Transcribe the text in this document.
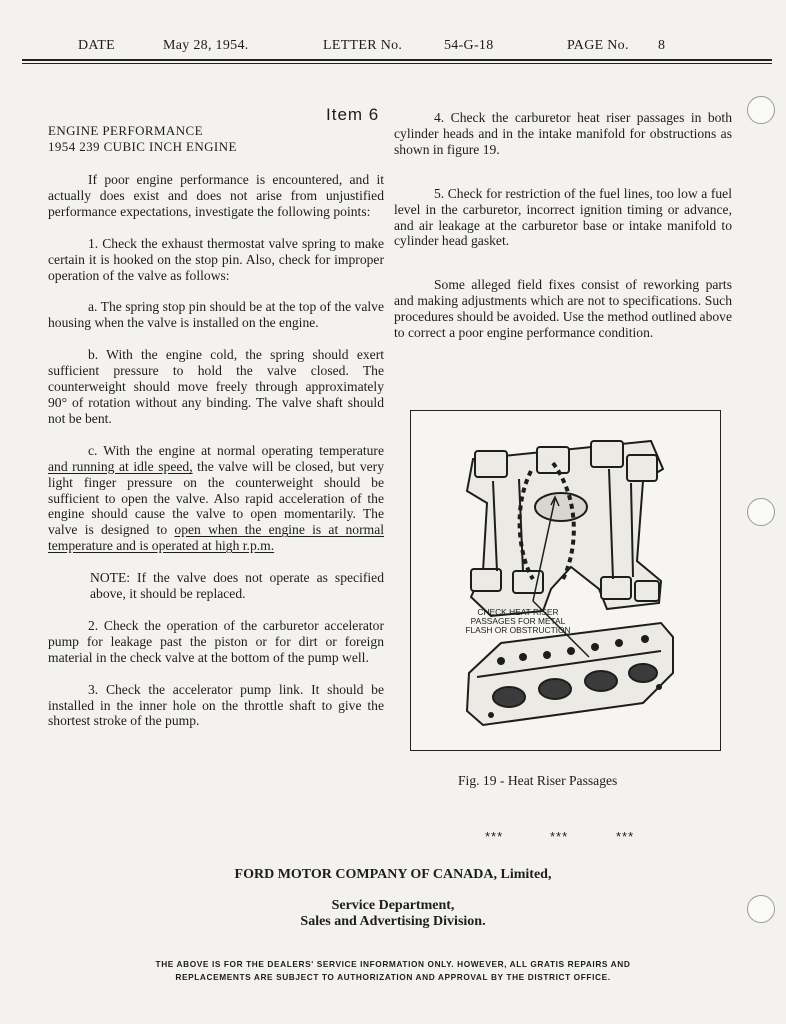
DATE	May 28, 1954.	LETTER No.	54-G-18	PAGE No. 8
Item 6
ENGINE PERFORMANCE
1954 239 CUBIC INCH ENGINE

If poor engine performance is encountered, and it actually does exist and does not arise from unjustified performance expectations, investigate the following points:

1. Check the exhaust thermostat valve spring to make certain it is hooked on the stop pin. Also, check for improper operation of the valve as follows:

a. The spring stop pin should be at the top of the valve housing when the valve is installed on the engine.

b. With the engine cold, the spring should exert sufficient pressure to hold the valve closed. The counterweight should move freely through approximately 90° of rotation without any binding. The valve shaft should not be bent.

c. With the engine at normal operating temperature and running at idle speed, the valve will be closed, but very light finger pressure on the counterweight should be sufficient to open the valve. Also rapid acceleration of the engine should cause the valve to open momentarily. The valve is designed to open when the engine is at normal temperature and is operated at high r.p.m.

NOTE: If the valve does not operate as specified above, it should be replaced.

2. Check the operation of the carburetor accelerator pump for leakage past the piston or for dirt or foreign material in the check valve at the bottom of the pump well.

3. Check the accelerator pump link. It should be installed in the inner hole on the throttle shaft to give the shortest stroke of the pump.

4. Check the carburetor heat riser passages in both cylinder heads and in the intake manifold for obstructions as shown in figure 19.

5. Check for restriction of the fuel lines, too low a fuel level in the carburetor, incorrect ignition timing or advance, and air leakage at the carburetor base or intake manifold to cylinder head gasket.

Some alleged field fixes consist of reworking parts and making adjustments which are not to specifications. Such procedures should be avoided. Use the method outlined above to correct a poor engine performance condition.

CHECK HEAT RISER
PASSAGES FOR METAL
FLASH OR OBSTRUCTION
Fig. 19 - Heat Riser Passages
***	***	***
FORD MOTOR COMPANY OF CANADA, Limited,
Service Department,
Sales and Advertising Division.
THE ABOVE IS FOR THE DEALERS' SERVICE INFORMATION ONLY. HOWEVER, ALL GRATIS REPAIRS AND
REPLACEMENTS ARE SUBJECT TO AUTHORIZATION AND APPROVAL BY THE DISTRICT OFFICE.
